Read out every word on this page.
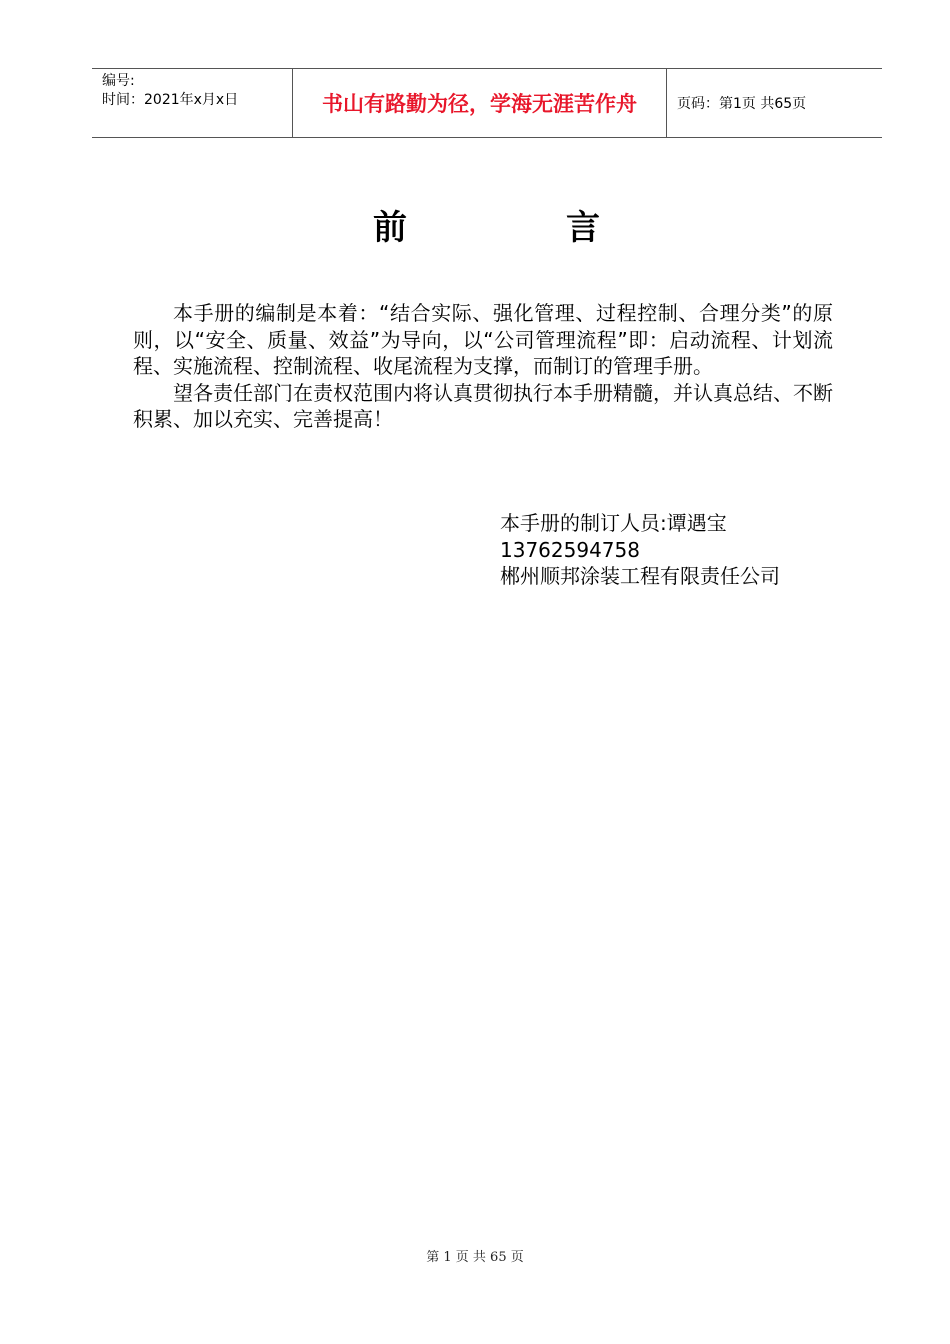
编号:
时间：2021年x月x日	书山有路勤为径，学海无涯苦作舟	页码：第1页 共65页
前	言

本手册的编制是本着：“结合实际、强化管理、过程控制、合理分类”的原则，以“安全、质量、效益”为导向，以“公司管理流程”即：启动流程、计划流程、实施流程、控制流程、收尾流程为支撑，而制订的管理手册。

望各责任部门在责权范围内将认真贯彻执行本手册精髓，并认真总结、不断积累、加以充实、完善提高！

本手册的制订人员:谭遇宝
13762594758
郴州顺邦涂装工程有限责任公司
第 1 页 共 65 页
